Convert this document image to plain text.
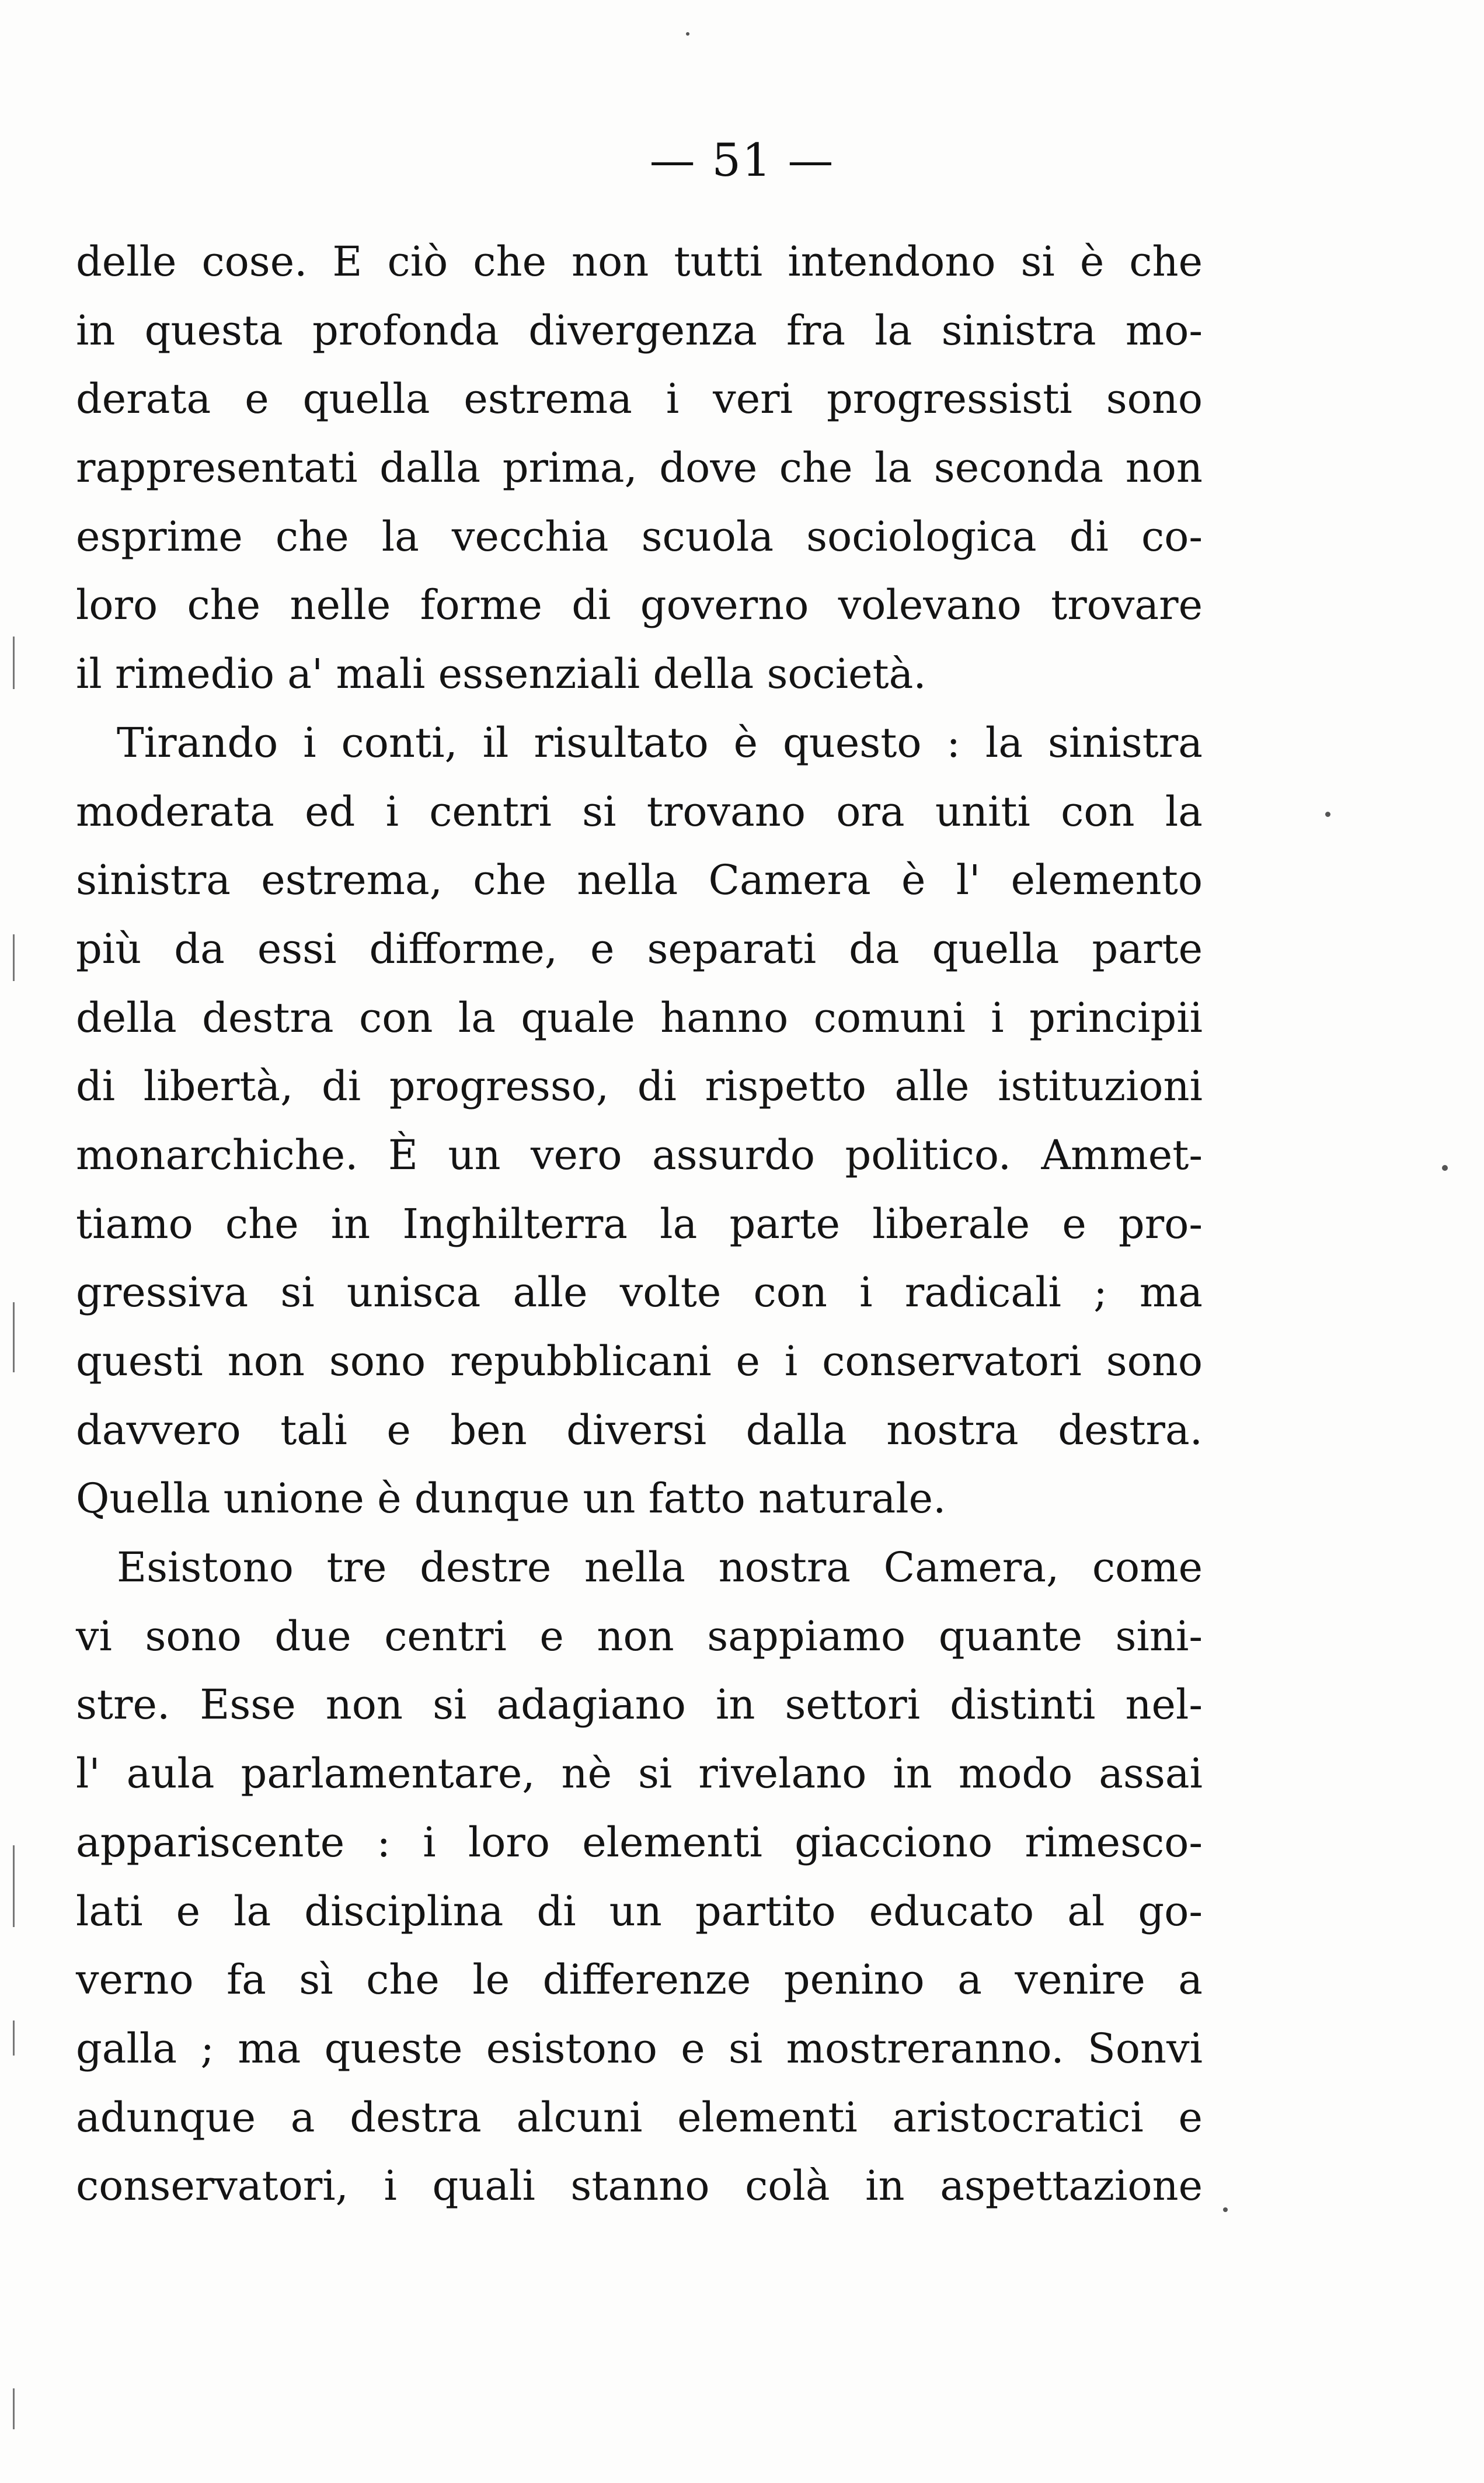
— 51 —
delle cose. E ciò che non tutti intendono si è che
in questa profonda divergenza fra la sinistra mo-
derata e quella estrema i veri progressisti sono
rappresentati dalla prima, dove che la seconda non
esprime che la vecchia scuola sociologica di co-
loro che nelle forme di governo volevano trovare
il rimedio a' mali essenziali della società.
Tirando i conti, il risultato è questo : la sinistra
moderata ed i centri si trovano ora uniti con la
sinistra estrema, che nella Camera è l' elemento
più da essi difforme, e separati da quella parte
della destra con la quale hanno comuni i principii
di libertà, di progresso, di rispetto alle istituzioni
monarchiche. È un vero assurdo politico. Ammet-
tiamo che in Inghilterra la parte liberale e pro-
gressiva si unisca alle volte con i radicali ; ma
questi non sono repubblicani e i conservatori sono
davvero tali e ben diversi dalla nostra destra.
Quella unione è dunque un fatto naturale.
Esistono tre destre nella nostra Camera, come
vi sono due centri e non sappiamo quante sini-
stre. Esse non si adagiano in settori distinti nel-
l' aula parlamentare, nè si rivelano in modo assai
appariscente : i loro elementi giacciono rimesco-
lati e la disciplina di un partito educato al go-
verno fa sì che le differenze penino a venire a
galla ; ma queste esistono e si mostreranno. Sonvi
adunque a destra alcuni elementi aristocratici e
conservatori, i quali stanno colà in aspettazione
